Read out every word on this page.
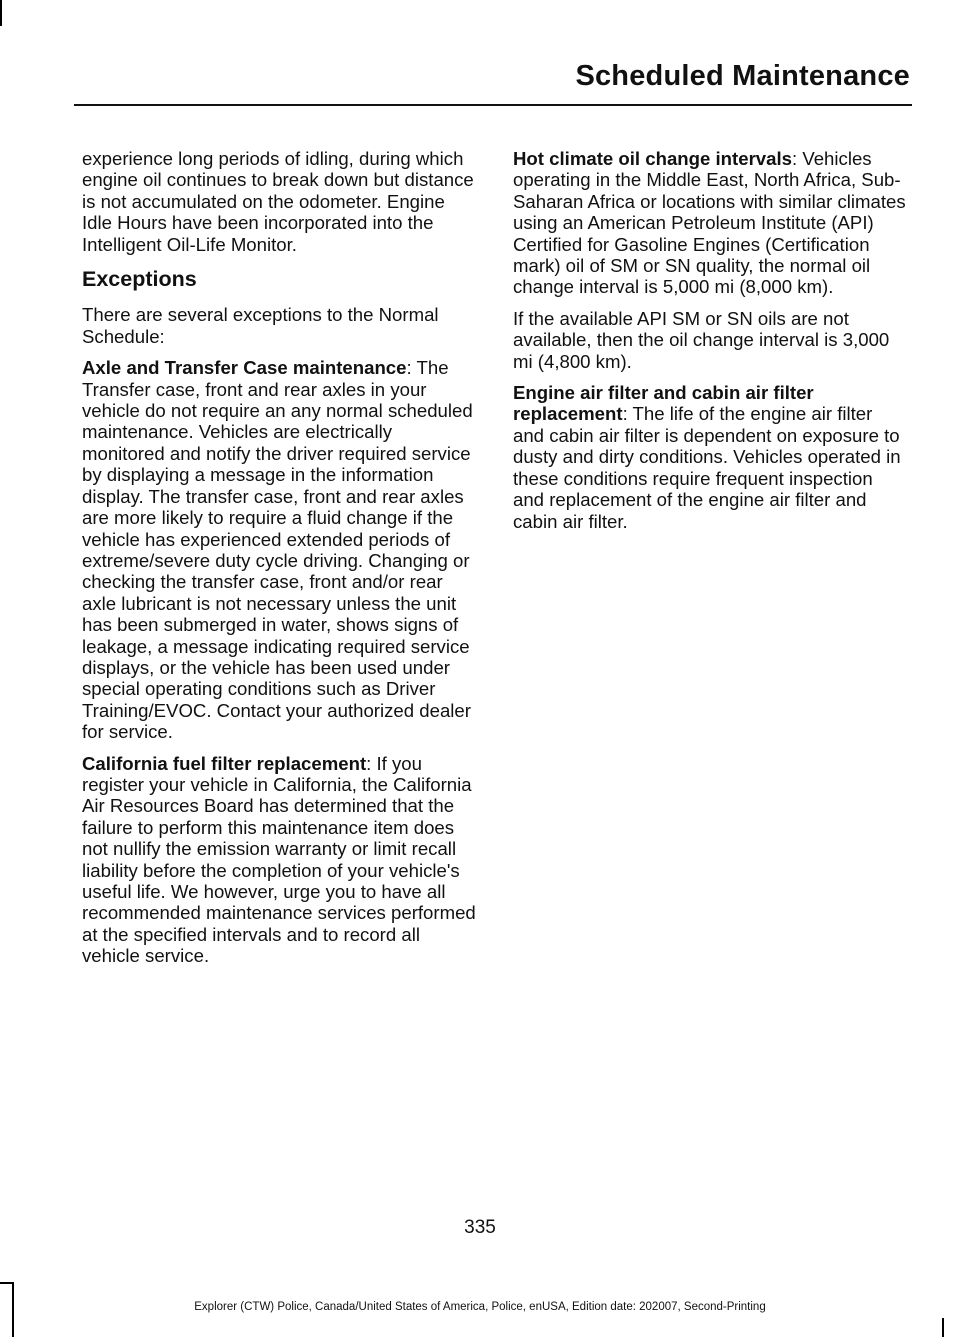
Scheduled Maintenance

experience long periods of idling, during which engine oil continues to break down but distance is not accumulated on the odometer. Engine Idle Hours have been incorporated into the Intelligent Oil-Life Monitor.

Exceptions

There are several exceptions to the Normal Schedule:

Axle and Transfer Case maintenance: The Transfer case, front and rear axles in your vehicle do not require an any normal scheduled maintenance. Vehicles are electrically monitored and notify the driver required service by displaying a message in the information display. The transfer case, front and rear axles are more likely to require a fluid change if the vehicle has experienced extended periods of extreme/severe duty cycle driving. Changing or checking the transfer case, front and/or rear axle lubricant is not necessary unless the unit has been submerged in water, shows signs of leakage, a message indicating required service displays, or the vehicle has been used under special operating conditions such as Driver Training/EVOC. Contact your authorized dealer for service.

California fuel filter replacement: If you register your vehicle in California, the California Air Resources Board has determined that the failure to perform this maintenance item does not nullify the emission warranty or limit recall liability before the completion of your vehicle's useful life. We however, urge you to have all recommended maintenance services performed at the specified intervals and to record all vehicle service.

Hot climate oil change intervals: Vehicles operating in the Middle East, North Africa, Sub-Saharan Africa or locations with similar climates using an American Petroleum Institute (API) Certified for Gasoline Engines (Certification mark) oil of SM or SN quality, the normal oil change interval is 5,000 mi (8,000 km).

If the available API SM or SN oils are not available, then the oil change interval is 3,000 mi (4,800 km).

Engine air filter and cabin air filter replacement: The life of the engine air filter and cabin air filter is dependent on exposure to dusty and dirty conditions. Vehicles operated in these conditions require frequent inspection and replacement of the engine air filter and cabin air filter.

335
Explorer (CTW) Police, Canada/United States of America, Police, enUSA, Edition date: 202007, Second-Printing
